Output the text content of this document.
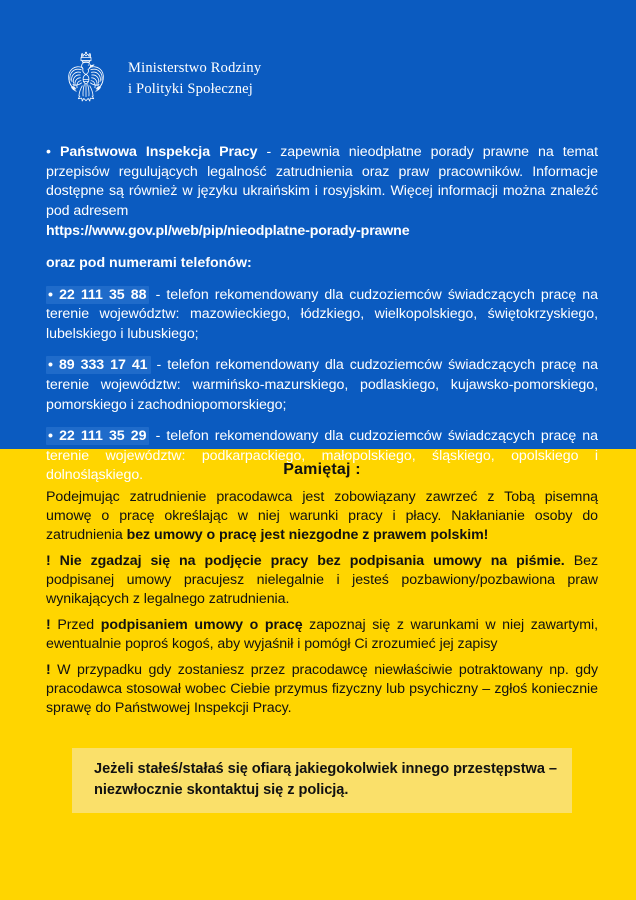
Ministerstwo Rodziny
i Polityki Społecznej

• Państwowa Inspekcja Pracy - zapewnia nieodpłatne porady prawne na temat przepisów regulujących legalność zatrudnienia oraz praw pracowników. Informacje dostępne są również w języku ukraińskim i rosyjskim. Więcej informacji można znaleźć pod adresem

https://www.gov.pl/web/pip/nieodplatne-porady-prawne

oraz pod numerami telefonów:

• 22 111 35 88 - telefon rekomendowany dla cudzoziemców świadczących pracę na terenie województw: mazowieckiego, łódzkiego, wielkopolskiego, świętokrzyskiego, lubelskiego i lubuskiego;

• 89 333 17 41 - telefon rekomendowany dla cudzoziemców świadczących pracę na terenie województw: warmińsko-mazurskiego, podlaskiego, kujawsko-pomorskiego, pomorskiego i zachodniopomorskiego;

• 22 111 35 29 - telefon rekomendowany dla cudzoziemców świadczących pracę na terenie województw: podkarpackiego, małopolskiego, śląskiego, opolskiego i dolnośląskiego.	Pamiętaj :

Podejmując zatrudnienie pracodawca jest zobowiązany zawrzeć z Tobą pisemną umowę o pracę określając w niej warunki pracy i płacy. Nakłanianie osoby do zatrudnienia bez umowy o pracę jest niezgodne z prawem polskim!

! Nie zgadzaj się na podjęcie pracy bez podpisania umowy na piśmie. Bez podpisanej umowy pracujesz nielegalnie i jesteś pozbawiony/pozbawiona praw wynikających z legalnego zatrudnienia.

! Przed podpisaniem umowy o pracę zapoznaj się z warunkami w niej zawartymi, ewentualnie poproś kogoś, aby wyjaśnił i pomógł Ci zrozumieć jej zapisy

! W przypadku gdy zostaniesz przez pracodawcę niewłaściwie potraktowany np. gdy pracodawca stosował wobec Ciebie przymus fizyczny lub psychiczny – zgłoś koniecznie sprawę do Państwowej Inspekcji Pracy.

Jeżeli stałeś/stałaś się ofiarą jakiegokolwiek innego przestępstwa – niezwłocznie skontaktuj się z policją.
